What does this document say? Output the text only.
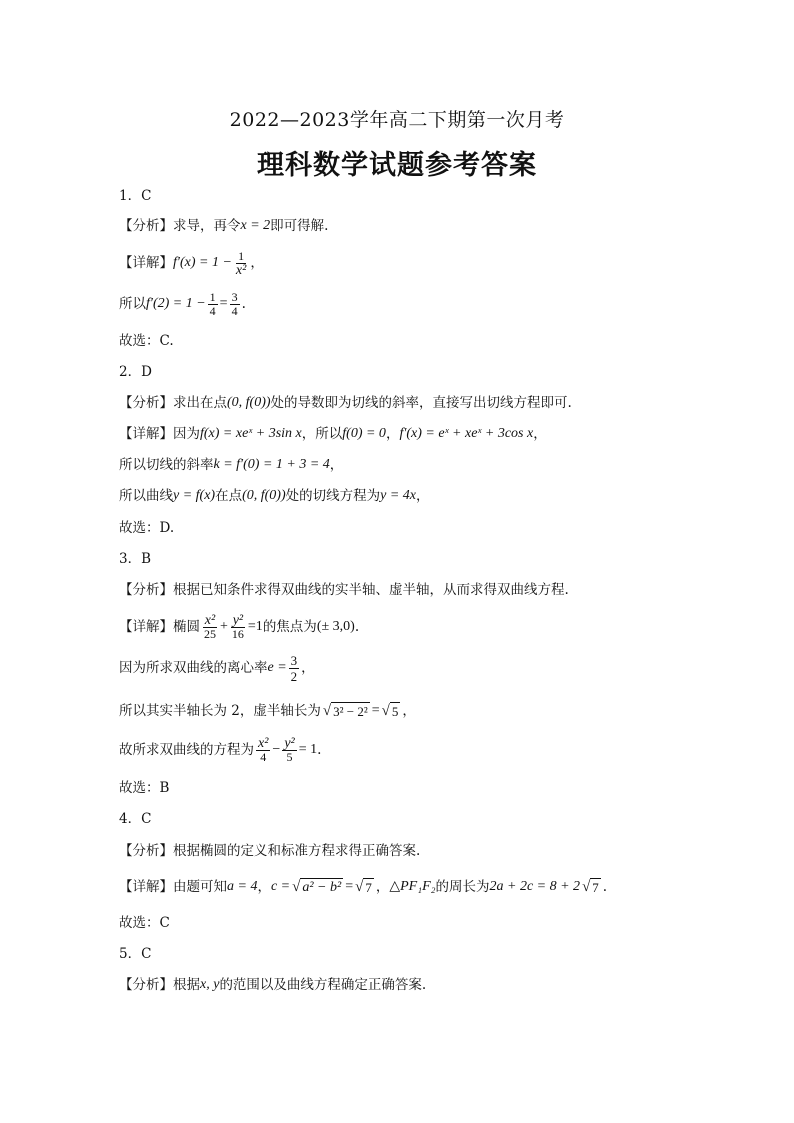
2022—2023学年高二下期第一次月考
理科数学试题参考答案
1．C
【分析】求导，再令 x = 2 即可得解.
【详解】 $f'(x) = 1 - \frac{1}{\text{x²}}$ ，
所以 $f'(2) = 1 - \frac{1}{4} = \frac{3}{4}$ .
故选：C.
2．D
【分析】求出在点 (0, f(0)) 处的导数即为切线的斜率，直接写出切线方程即可.
【详解】因为 f(x) = xeˣ + 3sin x ，所以 f(0) = 0 ， f′(x) = eˣ + xeˣ + 3cos x ，
所以切线的斜率 k = f′(0) = 1 + 3 = 4 ，
所以曲线 y = f(x) 在点 (0, f(0)) 处的切线方程为 y = 4x ，
故选：D.
3．B
【分析】根据已知条件求得双曲线的实半轴、虚半轴，从而求得双曲线方程.
【详解】椭圆 $\frac{\text{x²}}{25} + \frac{\text{y²}}{16} =1$ 的焦点为 (± 3,0) .
因为所求双曲线的离心率 $e = \frac{3}{2}$ ，
所以其实半轴长为 2，虚半轴长为 √ 3² − 2² = √ 5 ，
故所求双曲线的方程为 $\frac{\text{x²}}{4} - \frac{\text{y²}}{5} = 1$ .
故选：B
4．C
【分析】根据椭圆的定义和标准方程求得正确答案.
【详解】由题可知 a = 4 ， c = √ a² − b² = √ 7 ， △PF₁F₂ 的周长为 2a + 2c = 8 + 2 √ 7 .
故选：C
5．C
【分析】根据 x, y 的范围以及曲线方程确定正确答案.
